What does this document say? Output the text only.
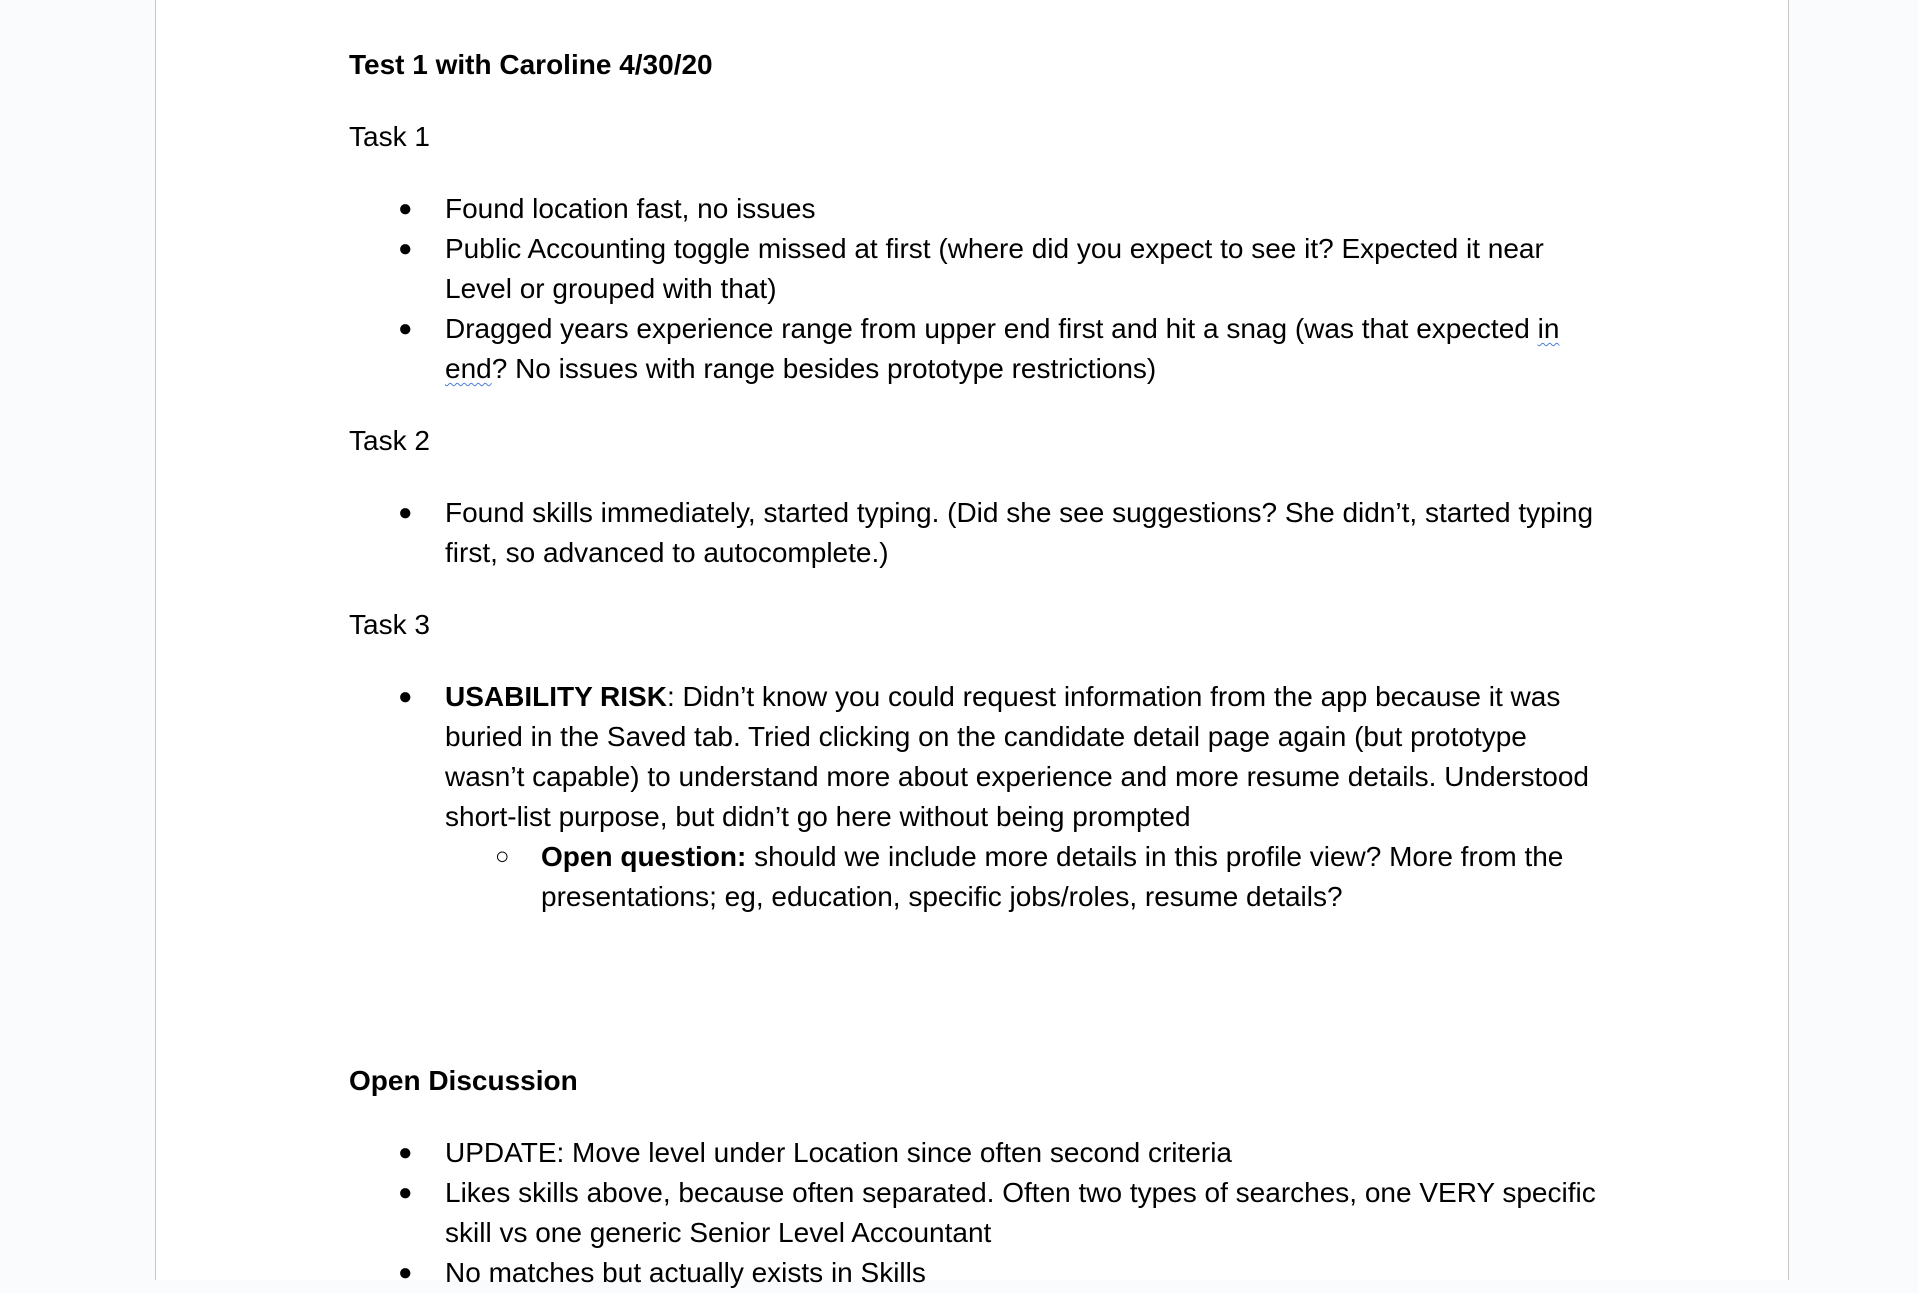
Test 1 with Caroline 4/30/20

Task 1

● Found location fast, no issues
● Public Accounting toggle missed at first (where did you expect to see it? Expected it near Level or grouped with that)
● Dragged years experience range from upper end first and hit a snag (was that expected in end? No issues with range besides prototype restrictions)

Task 2

● Found skills immediately, started typing. (Did she see suggestions? She didn’t, started typing first, so advanced to autocomplete.)

Task 3

● USABILITY RISK: Didn’t know you could request information from the app because it was buried in the Saved tab. Tried clicking on the candidate detail page again (but prototype wasn’t capable) to understand more about experience and more resume details. Understood short-list purpose, but didn’t go here without being prompted
○ Open question: should we include more details in this profile view? More from the presentations; eg, education, specific jobs/roles, resume details?

Open Discussion

● UPDATE: Move level under Location since often second criteria
● Likes skills above, because often separated. Often two types of searches, one VERY specific skill vs one generic Senior Level Accountant
● No matches but actually exists in Skills
